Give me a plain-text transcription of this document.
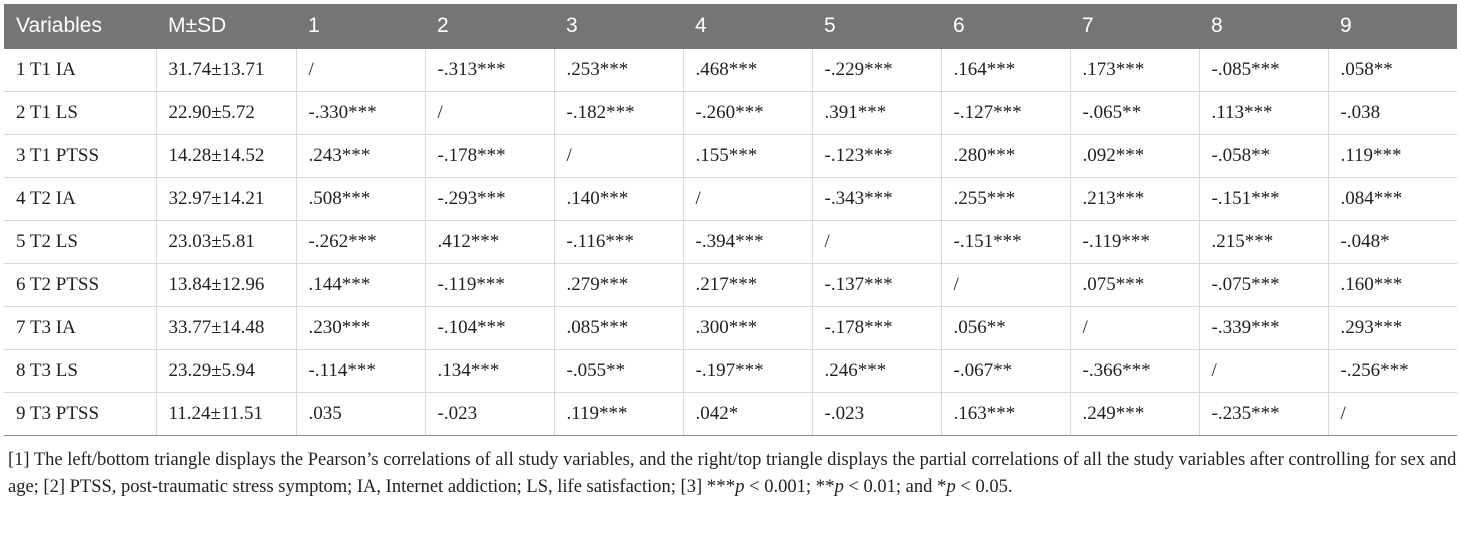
Variables	M±SD	1	2	3	4	5	6	7	8	9
1 T1 IA	31.74±13.71	/	-.313***	.253***	.468***	-.229***	.164***	.173***	-.085***	.058**
2 T1 LS	22.90±5.72	-.330***	/	-.182***	-.260***	.391***	-.127***	-.065**	.113***	-.038
3 T1 PTSS	14.28±14.52	.243***	-.178***	/	.155***	-.123***	.280***	.092***	-.058**	.119***
4 T2 IA	32.97±14.21	.508***	-.293***	.140***	/	-.343***	.255***	.213***	-.151***	.084***
5 T2 LS	23.03±5.81	-.262***	.412***	-.116***	-.394***	/	-.151***	-.119***	.215***	-.048*
6 T2 PTSS	13.84±12.96	.144***	-.119***	.279***	.217***	-.137***	/	.075***	-.075***	.160***
7 T3 IA	33.77±14.48	.230***	-.104***	.085***	.300***	-.178***	.056**	/	-.339***	.293***
8 T3 LS	23.29±5.94	-.114***	.134***	-.055**	-.197***	.246***	-.067**	-.366***	/	-.256***
9 T3 PTSS	11.24±11.51	.035	-.023	.119***	.042*	-.023	.163***	.249***	-.235***	/
[1] The left/bottom triangle displays the Pearson’s correlations of all study variables, and the right/top triangle displays the partial correlations of all the study variables after controlling for sex and age; [2] PTSS, post-traumatic stress symptom; IA, Internet addiction; LS, life satisfaction; [3] ***p < 0.001; **p < 0.01; and *p < 0.05.
